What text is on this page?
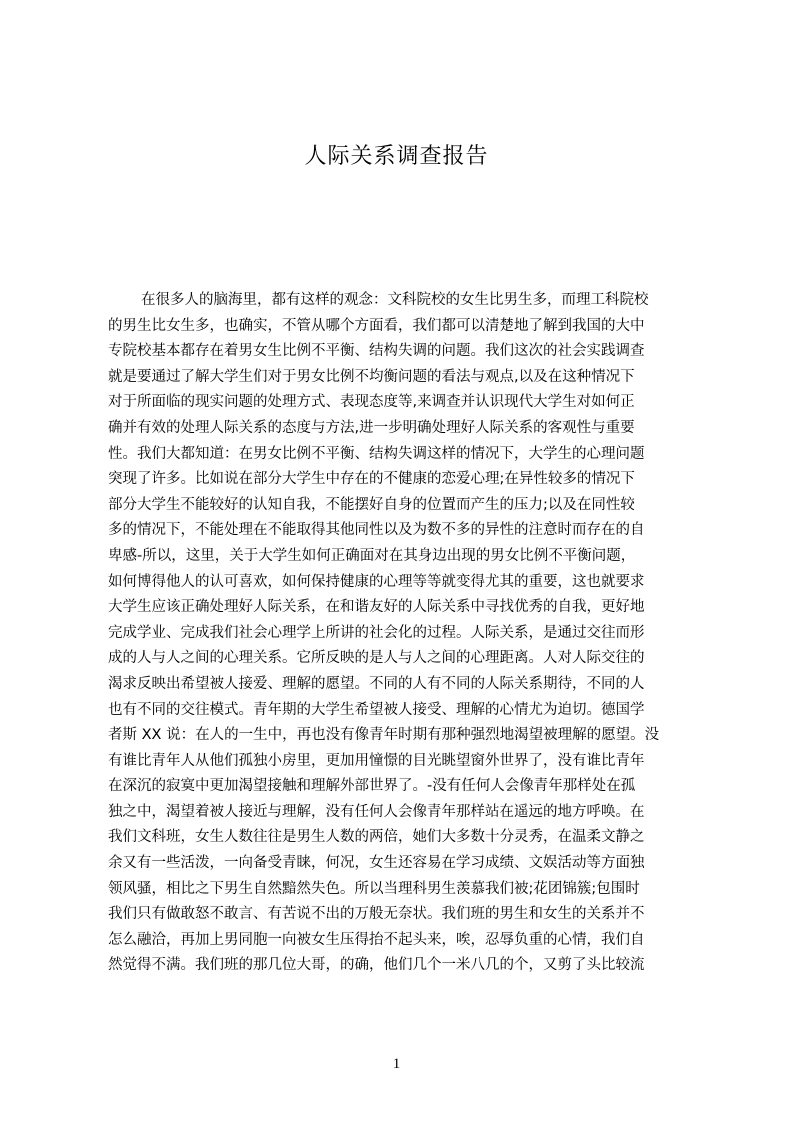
人际关系调查报告
在很多人的脑海里，都有这样的观念：文科院校的女生比男生多，而理工科院校
的男生比女生多，也确实，不管从哪个方面看，我们都可以清楚地了解到我国的大中
专院校基本都存在着男女生比例不平衡、结构失调的问题。我们这次的社会实践调查
就是要通过了解大学生们对于男女比例不均衡问题的看法与观点,以及在这种情况下
对于所面临的现实问题的处理方式、表现态度等,来调查并认识现代大学生对如何正
确并有效的处理人际关系的态度与方法,进一步明确处理好人际关系的客观性与重要
性。我们大都知道：在男女比例不平衡、结构失调这样的情况下，大学生的心理问题
突现了许多。比如说在部分大学生中存在的不健康的恋爱心理;在异性较多的情况下
部分大学生不能较好的认知自我，不能摆好自身的位置而产生的压力;以及在同性较
多的情况下，不能处理在不能取得其他同性以及为数不多的异性的注意时而存在的自
卑感-所以，这里，关于大学生如何正确面对在其身边出现的男女比例不平衡问题，
如何博得他人的认可喜欢，如何保持健康的心理等等就变得尤其的重要，这也就要求
大学生应该正确处理好人际关系，在和谐友好的人际关系中寻找优秀的自我，更好地
完成学业、完成我们社会心理学上所讲的社会化的过程。人际关系，是通过交往而形
成的人与人之间的心理关系。它所反映的是人与人之间的心理距离。人对人际交往的
渴求反映出希望被人接爱、理解的愿望。不同的人有不同的人际关系期待，不同的人
也有不同的交往模式。青年期的大学生希望被人接受、理解的心情尤为迫切。德国学
者斯 XX 说：在人的一生中，再也没有像青年时期有那种强烈地渴望被理解的愿望。没
有谁比青年人从他们孤独小房里，更加用憧憬的目光眺望窗外世界了，没有谁比青年
在深沉的寂寞中更加渴望接触和理解外部世界了。-没有任何人会像青年那样处在孤
独之中，渴望着被人接近与理解，没有任何人会像青年那样站在遥远的地方呼唤。在
我们文科班，女生人数往往是男生人数的两倍，她们大多数十分灵秀，在温柔文静之
余又有一些活泼，一向备受青睐，何况，女生还容易在学习成绩、文娱活动等方面独
领风骚，相比之下男生自然黯然失色。所以当理科男生羡慕我们被;花团锦簇;包围时
我们只有做敢怒不敢言、有苦说不出的万般无奈状。我们班的男生和女生的关系并不
怎么融洽，再加上男同胞一向被女生压得抬不起头来，唉，忍辱负重的心情，我们自
然觉得不满。我们班的那几位大哥，的确，他们几个一米八几的个，又剪了头比较流
1
